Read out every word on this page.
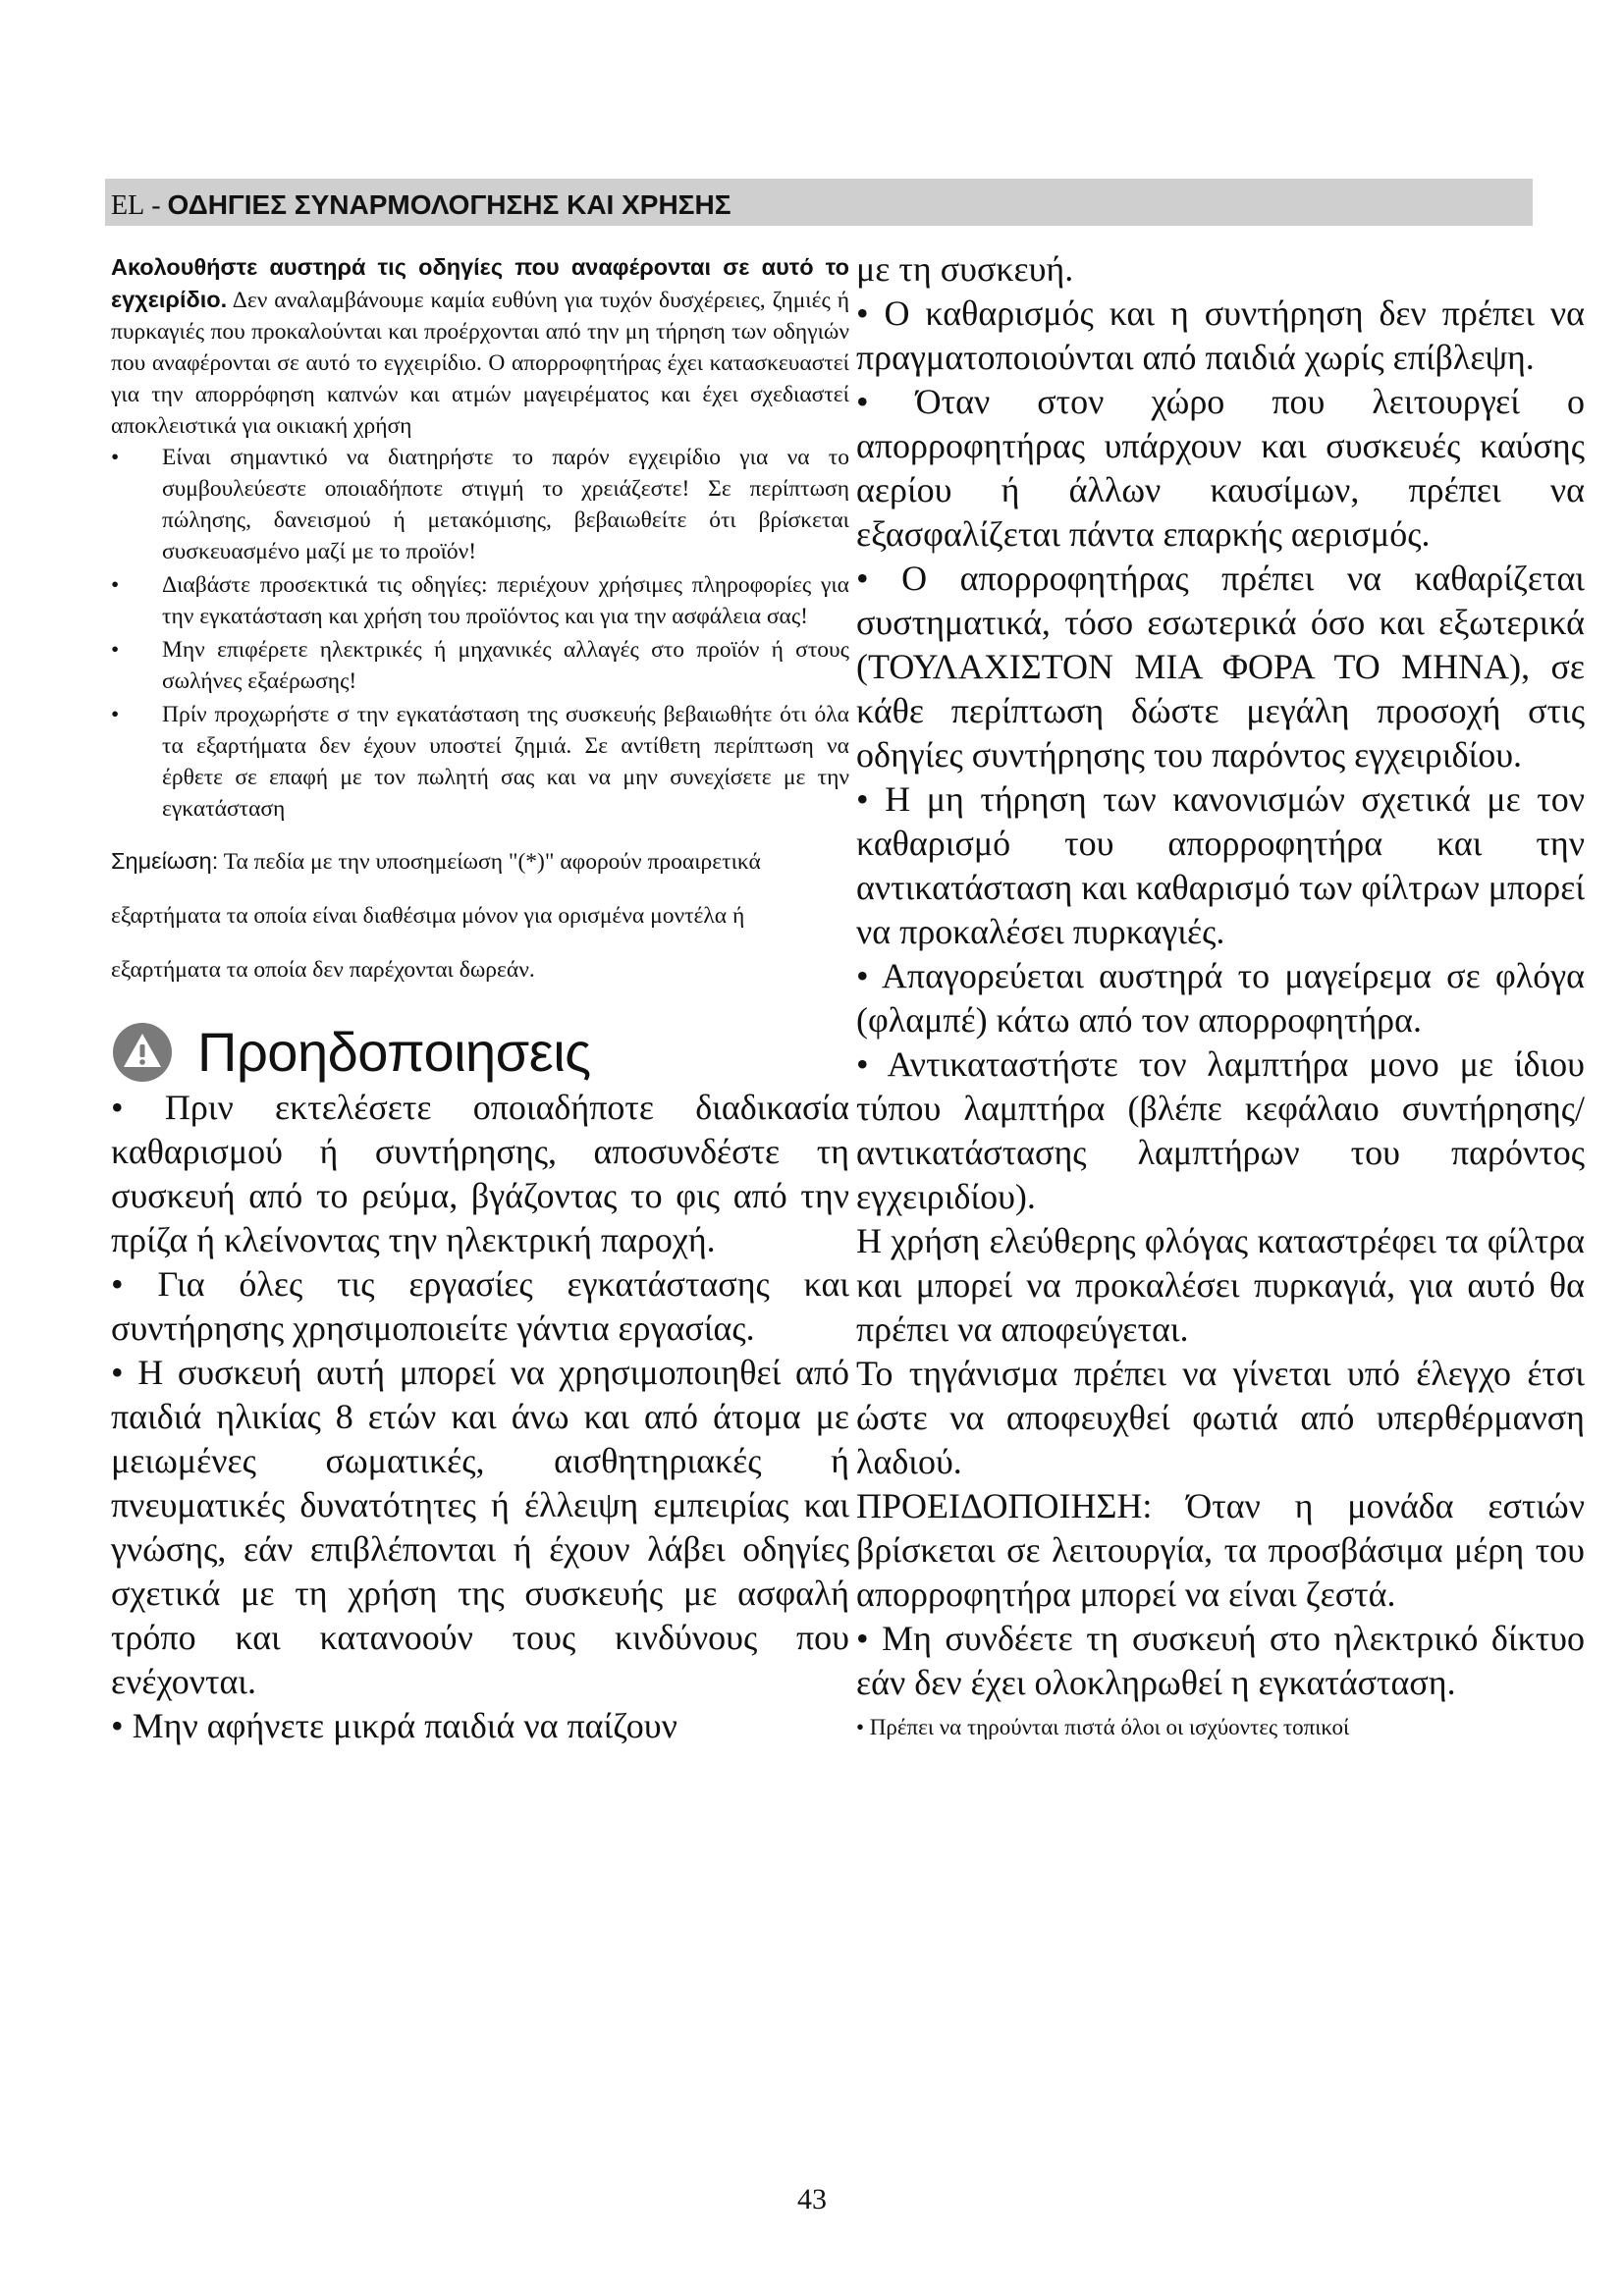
EL - ΟΔΗΓΙΕΣ ΣΥΝΑΡΜΟΛΟΓΗΣΗΣ ΚΑΙ ΧΡΗΣΗΣ

Ακολουθήστε αυστηρά τις οδηγίες που αναφέρονται σε αυτό το εγχειρίδιο. Δεν αναλαμβάνουμε καμία ευθύνη για τυχόν δυσχέρειες, ζημιές ή πυρκαγιές που προκαλούνται και προέρχονται από την μη τήρηση των οδηγιών που αναφέρονται σε αυτό το εγχειρίδιο. Ο απορροφητήρας έχει κατασκευαστεί για την απορρόφηση καπνών και ατμών μαγειρέματος και έχει σχεδιαστεί αποκλειστικά για οικιακή χρήση

• Είναι σημαντικό να διατηρήστε το παρόν εγχειρίδιο για να το συμβουλεύεστε οποιαδήποτε στιγμή το χρειάζεστε! Σε περίπτωση πώλησης, δανεισμού ή μετακόμισης, βεβαιωθείτε ότι βρίσκεται συσκευασμένο μαζί με το προϊόν!
• Διαβάστε προσεκτικά τις οδηγίες: περιέχουν χρήσιμες πληροφορίες για την εγκατάσταση και χρήση του προϊόντος και για την ασφάλεια σας!
• Μην επιφέρετε ηλεκτρικές ή μηχανικές αλλαγές στο προϊόν ή στους σωλήνες εξαέρωσης!
• Πρίν προχωρήστε σ την εγκατάσταση της συσκευής βεβαιωθήτε ότι όλα τα εξαρτήματα δεν έχουν υποστεί ζημιά. Σε αντίθετη περίπτωση να έρθετε σε επαφή με τον πωλητή σας και να μην συνεχίσετε με την εγκατάσταση

Σημείωση: Τα πεδία με την υποσημείωση "(*)" αφορούν προαιρετικά εξαρτήματα τα οποία είναι διαθέσιμα μόνον για ορισμένα μοντέλα ή εξαρτήματα τα οποία δεν παρέχονται δωρεάν.

Προηδοποιησεις

• Πριν εκτελέσετε οποιαδήποτε διαδικασία καθαρισμού ή συντήρησης, αποσυνδέστε τη συσκευή από το ρεύμα, βγάζοντας το φις από την πρίζα ή κλείνοντας την ηλεκτρική παροχή.

• Για όλες τις εργασίες εγκατάστασης και συντήρησης χρησιμοποιείτε γάντια εργασίας.

• Η συσκευή αυτή μπορεί να χρησιμοποιηθεί από παιδιά ηλικίας 8 ετών και άνω και από άτομα με μειωμένες σωματικές, αισθητηριακές ή πνευματικές δυνατότητες ή έλλειψη εμπειρίας και γνώσης, εάν επιβλέπονται ή έχουν λάβει οδηγίες σχετικά με τη χρήση της συσκευής με ασφαλή τρόπο και κατανοούν τους κινδύνους που ενέχονται.

• Μην αφήνετε μικρά παιδιά να παίζουν

με τη συσκευή.

• Ο καθαρισμός και η συντήρηση δεν πρέπει να πραγματοποιούνται από παιδιά χωρίς επίβλεψη.

• Όταν στον χώρο που λειτουργεί ο απορροφητήρας υπάρχουν και συσκευές καύσης αερίου ή άλλων καυσίμων, πρέπει να εξασφαλίζεται πάντα επαρκής αερισμός.

• Ο απορροφητήρας πρέπει να καθαρίζεται συστηματικά, τόσο εσωτερικά όσο και εξωτερικά (ΤΟΥΛΑΧΙΣΤΟΝ ΜΙΑ ΦΟΡΑ ΤΟ ΜΗΝΑ), σε κάθε περίπτωση δώστε μεγάλη προσοχή στις οδηγίες συντήρησης του παρόντος εγχειριδίου.

• Η μη τήρηση των κανονισμών σχετικά με τον καθαρισμό του απορροφητήρα και την αντικατάσταση και καθαρισμό των φίλτρων μπορεί να προκαλέσει πυρκαγιές.

• Απαγορεύεται αυστηρά το μαγείρεμα σε φλόγα (φλαμπέ) κάτω από τον απορροφητήρα.

• Αντικαταστήστε τον λαμπτήρα μονο με ίδιου τύπου λαμπτήρα (βλέπε κεφάλαιο συντήρησης/αντικατάστασης λαμπτήρων του παρόντος εγχειριδίου).

Η χρήση ελεύθερης φλόγας καταστρέφει τα φίλτρα και μπορεί να προκαλέσει πυρκαγιά, για αυτό θα πρέπει να αποφεύγεται.

Το τηγάνισμα πρέπει να γίνεται υπό έλεγχο έτσι ώστε να αποφευχθεί φωτιά από υπερθέρμανση λαδιού.

ΠΡΟΕΙΔΟΠΟΙΗΣΗ: Όταν η μονάδα εστιών βρίσκεται σε λειτουργία, τα προσβάσιμα μέρη του απορροφητήρα μπορεί να είναι ζεστά.

• Μη συνδέετε τη συσκευή στο ηλεκτρικό δίκτυο εάν δεν έχει ολοκληρωθεί η εγκατάσταση.

• Πρέπει να τηρούνται πιστά όλοι οι ισχύοντες τοπικοί

43
